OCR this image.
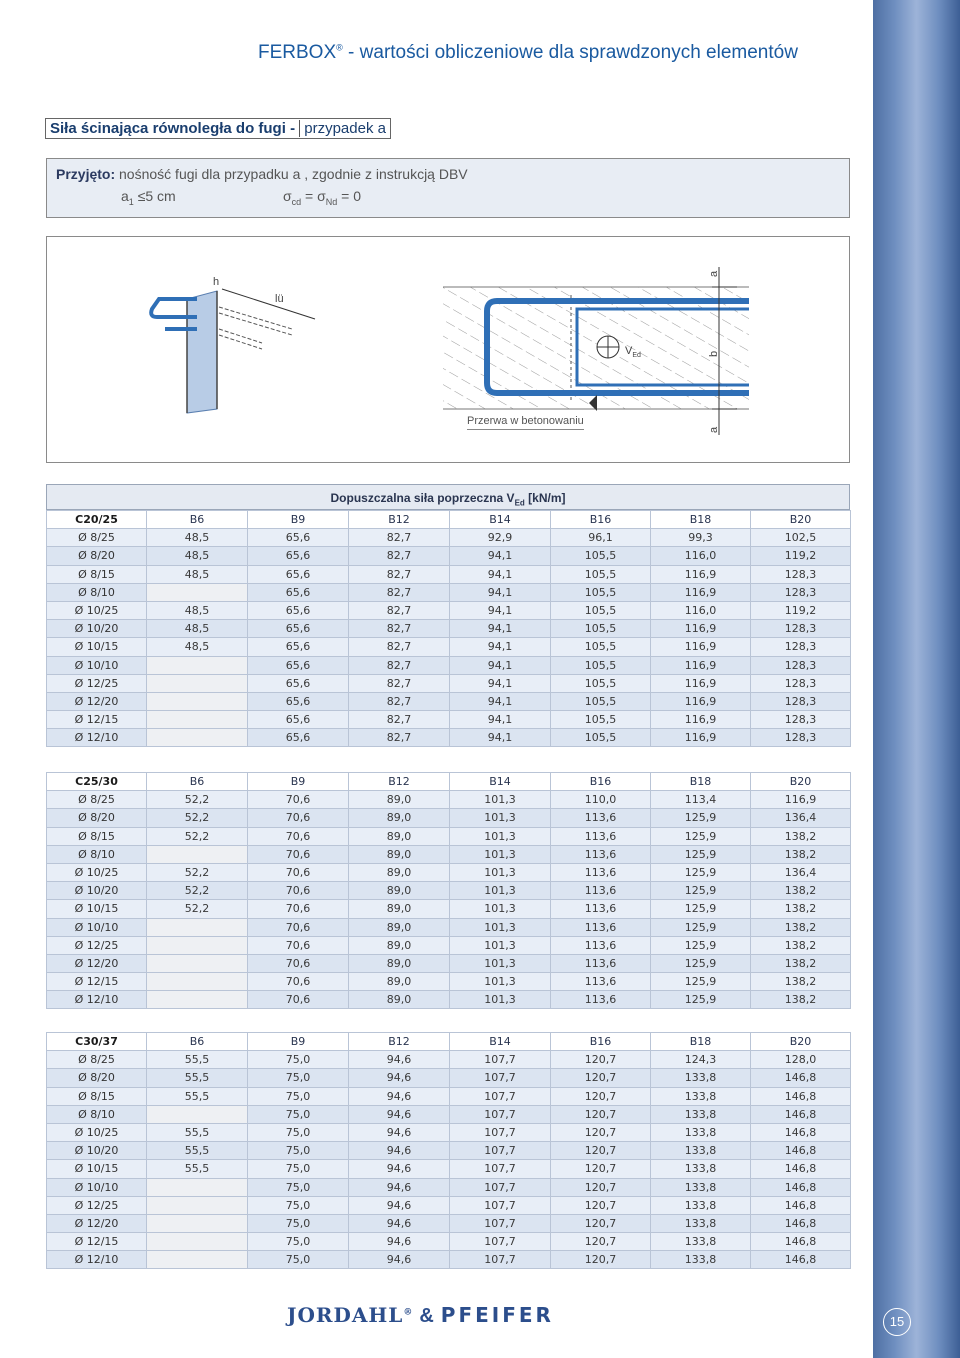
15
FERBOX® - wartości obliczeniowe dla sprawdzonych elementów
Siła ścinająca równoległa do fugi - przypadek a
Przyjęto: nośność fugi dla przypadku a , zgodnie z instrukcją DBV
$a_1 \le 5$ cm	$\sigma_{cd} = \sigma_{Nd} = 0$
h
lü
$V_{Ed}$
a
b
a
Przerwa w betonowaniu
Dopuszczalna siła poprzeczna $V_{Ed}$ [kN/m]
C20/25	B6	B9	B12	B14	B16	B18	B20
Ø 8/25	48,5	65,6	82,7	92,9	96,1	99,3	102,5
Ø 8/20	48,5	65,6	82,7	94,1	105,5	116,0	119,2
Ø 8/15	48,5	65,6	82,7	94,1	105,5	116,9	128,3
Ø 8/10		65,6	82,7	94,1	105,5	116,9	128,3
Ø 10/25	48,5	65,6	82,7	94,1	105,5	116,0	119,2
Ø 10/20	48,5	65,6	82,7	94,1	105,5	116,9	128,3
Ø 10/15	48,5	65,6	82,7	94,1	105,5	116,9	128,3
Ø 10/10		65,6	82,7	94,1	105,5	116,9	128,3
Ø 12/25		65,6	82,7	94,1	105,5	116,9	128,3
Ø 12/20		65,6	82,7	94,1	105,5	116,9	128,3
Ø 12/15		65,6	82,7	94,1	105,5	116,9	128,3
Ø 12/10		65,6	82,7	94,1	105,5	116,9	128,3
C25/30	B6	B9	B12	B14	B16	B18	B20
Ø 8/25	52,2	70,6	89,0	101,3	110,0	113,4	116,9
Ø 8/20	52,2	70,6	89,0	101,3	113,6	125,9	136,4
Ø 8/15	52,2	70,6	89,0	101,3	113,6	125,9	138,2
Ø 8/10		70,6	89,0	101,3	113,6	125,9	138,2
Ø 10/25	52,2	70,6	89,0	101,3	113,6	125,9	136,4
Ø 10/20	52,2	70,6	89,0	101,3	113,6	125,9	138,2
Ø 10/15	52,2	70,6	89,0	101,3	113,6	125,9	138,2
Ø 10/10		70,6	89,0	101,3	113,6	125,9	138,2
Ø 12/25		70,6	89,0	101,3	113,6	125,9	138,2
Ø 12/20		70,6	89,0	101,3	113,6	125,9	138,2
Ø 12/15		70,6	89,0	101,3	113,6	125,9	138,2
Ø 12/10		70,6	89,0	101,3	113,6	125,9	138,2
C30/37	B6	B9	B12	B14	B16	B18	B20
Ø 8/25	55,5	75,0	94,6	107,7	120,7	124,3	128,0
Ø 8/20	55,5	75,0	94,6	107,7	120,7	133,8	146,8
Ø 8/15	55,5	75,0	94,6	107,7	120,7	133,8	146,8
Ø 8/10		75,0	94,6	107,7	120,7	133,8	146,8
Ø 10/25	55,5	75,0	94,6	107,7	120,7	133,8	146,8
Ø 10/20	55,5	75,0	94,6	107,7	120,7	133,8	146,8
Ø 10/15	55,5	75,0	94,6	107,7	120,7	133,8	146,8
Ø 10/10		75,0	94,6	107,7	120,7	133,8	146,8
Ø 12/25		75,0	94,6	107,7	120,7	133,8	146,8
Ø 12/20		75,0	94,6	107,7	120,7	133,8	146,8
Ø 12/15		75,0	94,6	107,7	120,7	133,8	146,8
Ø 12/10		75,0	94,6	107,7	120,7	133,8	146,8
JORDAHL® & PFEIFER
